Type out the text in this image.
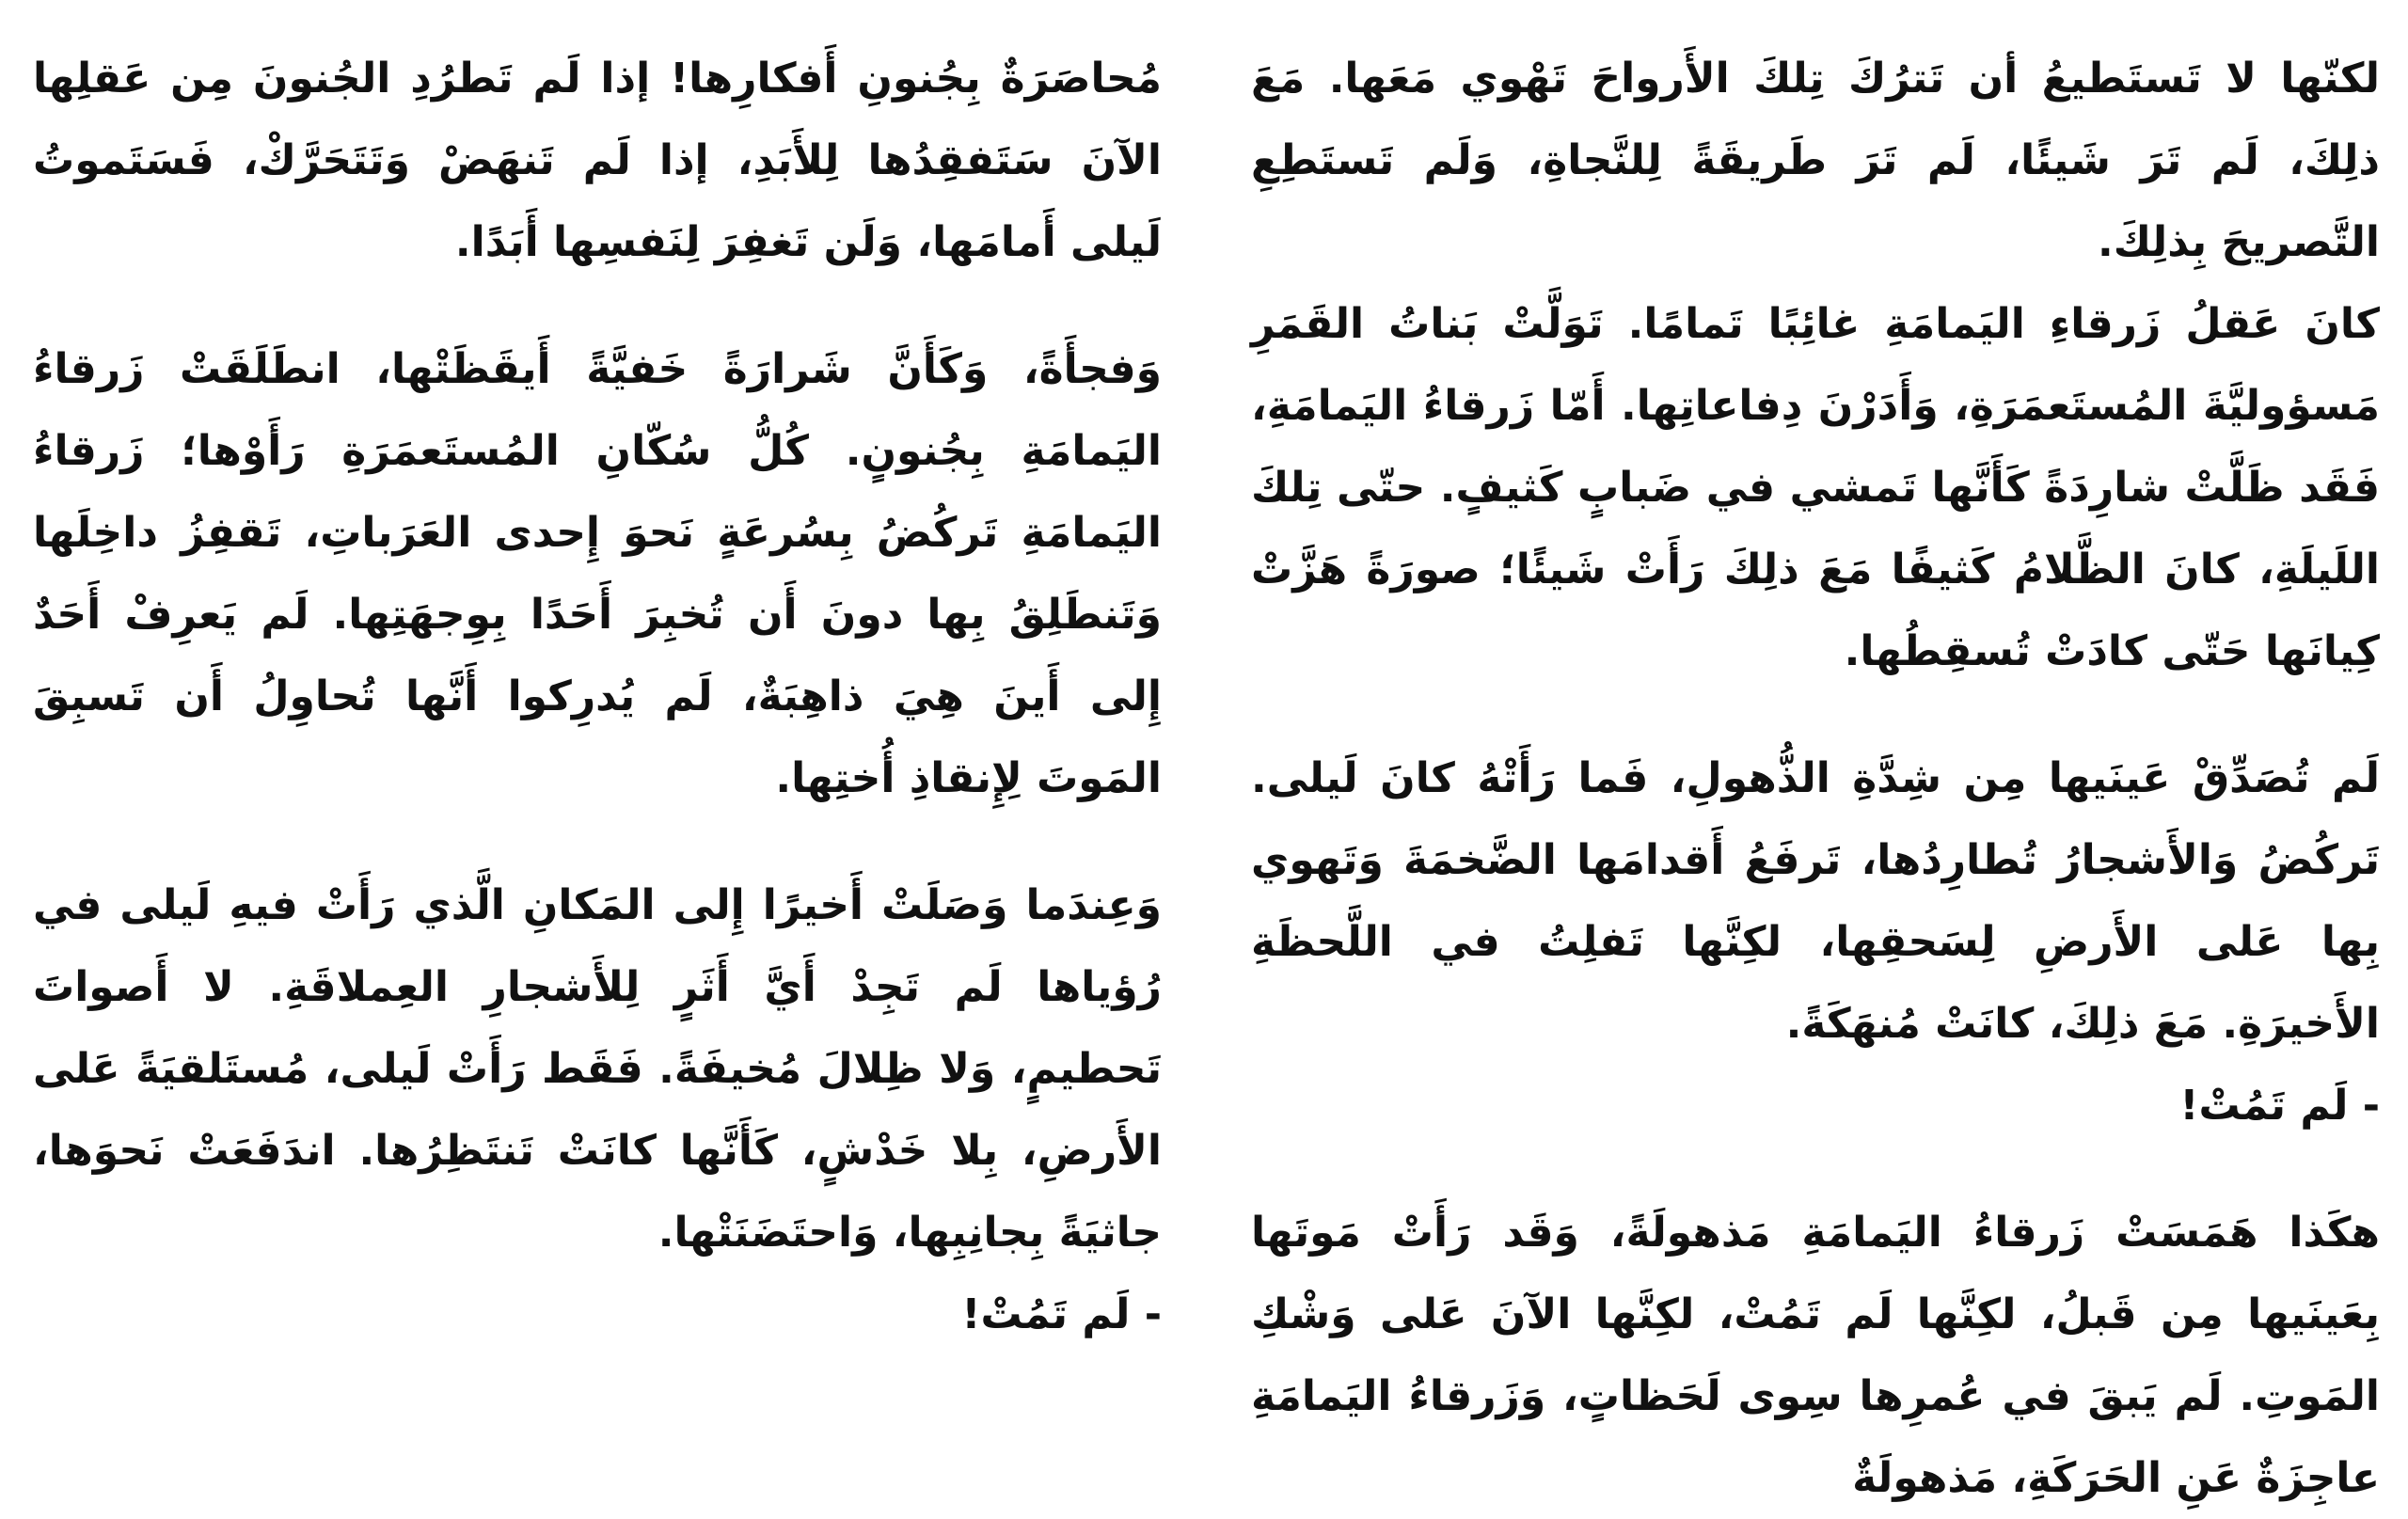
لكنّها لا تَستَطيعُ أن تَترُكَ تِلكَ الأَرواحَ تَهْوي مَعَها. مَعَ ذلِكَ، لَم تَرَ شَيئًا، لَم تَرَ طَريقَةً لِلنَّجاةِ، وَلَم تَستَطِعِ التَّصريحَ بِذلِكَ.

كانَ عَقلُ زَرقاءِ اليَمامَةِ غائِبًا تَمامًا. تَوَلَّتْ بَناتُ القَمَرِ مَسؤوليَّةَ المُستَعمَرَةِ، وَأَدَرْنَ دِفاعاتِها. أَمّا زَرقاءُ اليَمامَةِ، فَقَد ظَلَّتْ شارِدَةً كَأَنَّها تَمشي في ضَبابٍ كَثيفٍ. حتّى تِلكَ اللَيلَةِ، كانَ الظَّلامُ كَثيفًا مَعَ ذلِكَ رَأَتْ شَيئًا؛ صورَةً هَزَّتْ كِيانَها حَتّى كادَتْ تُسقِطُها.

لَم تُصَدِّقْ عَينَيها مِن شِدَّةِ الذُّهولِ، فَما رَأَتْهُ كانَ لَيلى. تَركُضُ وَالأَشجارُ تُطارِدُها، تَرفَعُ أَقدامَها الضَّخمَةَ وَتَهوي بِها عَلى الأَرضِ لِسَحقِها، لكِنَّها تَفلِتُ في اللَّحظَةِ الأَخيرَةِ. مَعَ ذلِكَ، كانَتْ مُنهَكَةً.

- لَم تَمُتْ!

هكَذا هَمَسَتْ زَرقاءُ اليَمامَةِ مَذهولَةً، وَقَد رَأَتْ مَوتَها بِعَينَيها مِن قَبلُ، لكِنَّها لَم تَمُتْ، لكِنَّها الآنَ عَلى وَشْكِ المَوتِ. لَم يَبقَ في عُمرِها سِوى لَحَظاتٍ، وَزَرقاءُ اليَمامَةِ عاجِزَةٌ عَنِ الحَرَكَةِ، مَذهولَةٌ

مُحاصَرَةٌ بِجُنونِ أَفكارِها! إذا لَم تَطرُدِ الجُنونَ مِن عَقلِها الآنَ سَتَفقِدُها لِلأَبَدِ، إذا لَم تَنهَضْ وَتَتَحَرَّكْ، فَسَتَموتُ لَيلى أَمامَها، وَلَن تَغفِرَ لِنَفسِها أَبَدًا.

وَفجأَةً، وَكَأَنَّ شَرارَةً خَفيَّةً أَيقَظَتْها، انطَلَقَتْ زَرقاءُ اليَمامَةِ بِجُنونٍ. كُلُّ سُكّانِ المُستَعمَرَةِ رَأَوْها؛ زَرقاءُ اليَمامَةِ تَركُضُ بِسُرعَةٍ نَحوَ إِحدى العَرَباتِ، تَقفِزُ داخِلَها وَتَنطَلِقُ بِها دونَ أَن تُخبِرَ أَحَدًا بِوِجهَتِها. لَم يَعرِفْ أَحَدٌ إِلى أَينَ هِيَ ذاهِبَةٌ، لَم يُدرِكوا أَنَّها تُحاوِلُ أَن تَسبِقَ المَوتَ لِإِنقاذِ أُختِها.

وَعِندَما وَصَلَتْ أَخيرًا إِلى المَكانِ الَّذي رَأَتْ فيهِ لَيلى في رُؤياها لَم تَجِدْ أَيَّ أَثَرٍ لِلأَشجارِ العِملاقَةِ. لا أَصواتَ تَحطيمٍ، وَلا ظِلالَ مُخيفَةً. فَقَط رَأَتْ لَيلى، مُستَلقيَةً عَلى الأَرضِ، بِلا خَدْشٍ، كَأَنَّها كانَتْ تَنتَظِرُها. اندَفَعَتْ نَحوَها، جاثيَةً بِجانِبِها، وَاحتَضَنَتْها.

- لَم تَمُتْ!
